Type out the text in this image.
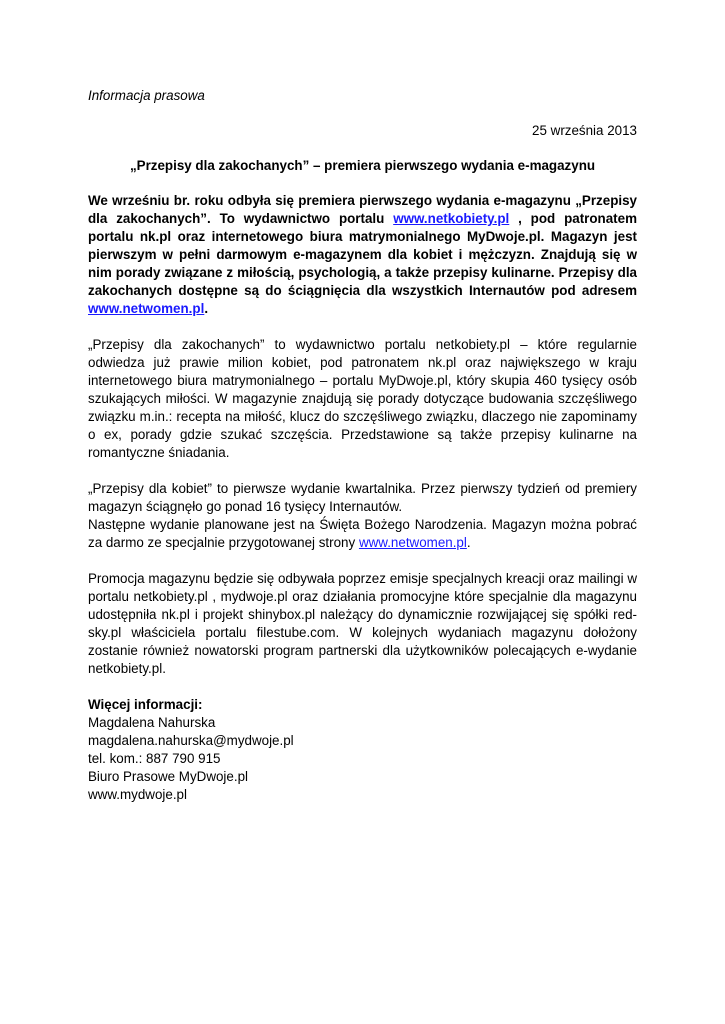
Informacja prasowa

25 września 2013

„Przepisy dla zakochanych” – premiera pierwszego wydania e-magazynu

We wrześniu br. roku odbyła się premiera pierwszego wydania e-magazynu „Przepisy dla zakochanych”. To wydawnictwo portalu www.netkobiety.pl , pod patronatem portalu nk.pl oraz internetowego biura matrymonialnego MyDwoje.pl. Magazyn jest pierwszym w pełni darmowym e-magazynem dla kobiet i mężczyzn. Znajdują się w nim porady związane z miłością, psychologią, a także przepisy kulinarne. Przepisy dla zakochanych dostępne są do ściągnięcia dla wszystkich Internautów pod adresem www.netwomen.pl.

„Przepisy dla zakochanych” to wydawnictwo portalu netkobiety.pl – które regularnie odwiedza już prawie milion kobiet, pod patronatem nk.pl oraz największego w kraju internetowego biura matrymonialnego – portalu MyDwoje.pl, który skupia 460 tysięcy osób szukających miłości. W magazynie znajdują się porady dotyczące budowania szczęśliwego związku m.in.: recepta na miłość, klucz do szczęśliwego związku, dlaczego nie zapominamy o ex, porady gdzie szukać szczęścia. Przedstawione są także przepisy kulinarne na romantyczne śniadania.

„Przepisy dla kobiet” to pierwsze wydanie kwartalnika. Przez pierwszy tydzień od premiery magazyn ściągnęło go ponad 16 tysięcy Internautów.
Następne wydanie planowane jest na Święta Bożego Narodzenia. Magazyn można pobrać za darmo ze specjalnie przygotowanej strony www.netwomen.pl.

Promocja magazynu będzie się odbywała poprzez emisje specjalnych kreacji oraz mailingi w portalu netkobiety.pl , mydwoje.pl oraz działania promocyjne które specjalnie dla magazynu udostępniła nk.pl i projekt shinybox.pl należący do dynamicznie rozwijającej się spółki red-sky.pl właściciela portalu filestube.com. W kolejnych wydaniach magazynu dołożony zostanie również nowatorski program partnerski dla użytkowników polecających e-wydanie netkobiety.pl.

Więcej informacji:
Magdalena Nahurska
magdalena.nahurska@mydwoje.pl
tel. kom.: 887 790 915
Biuro Prasowe MyDwoje.pl
www.mydwoje.pl
